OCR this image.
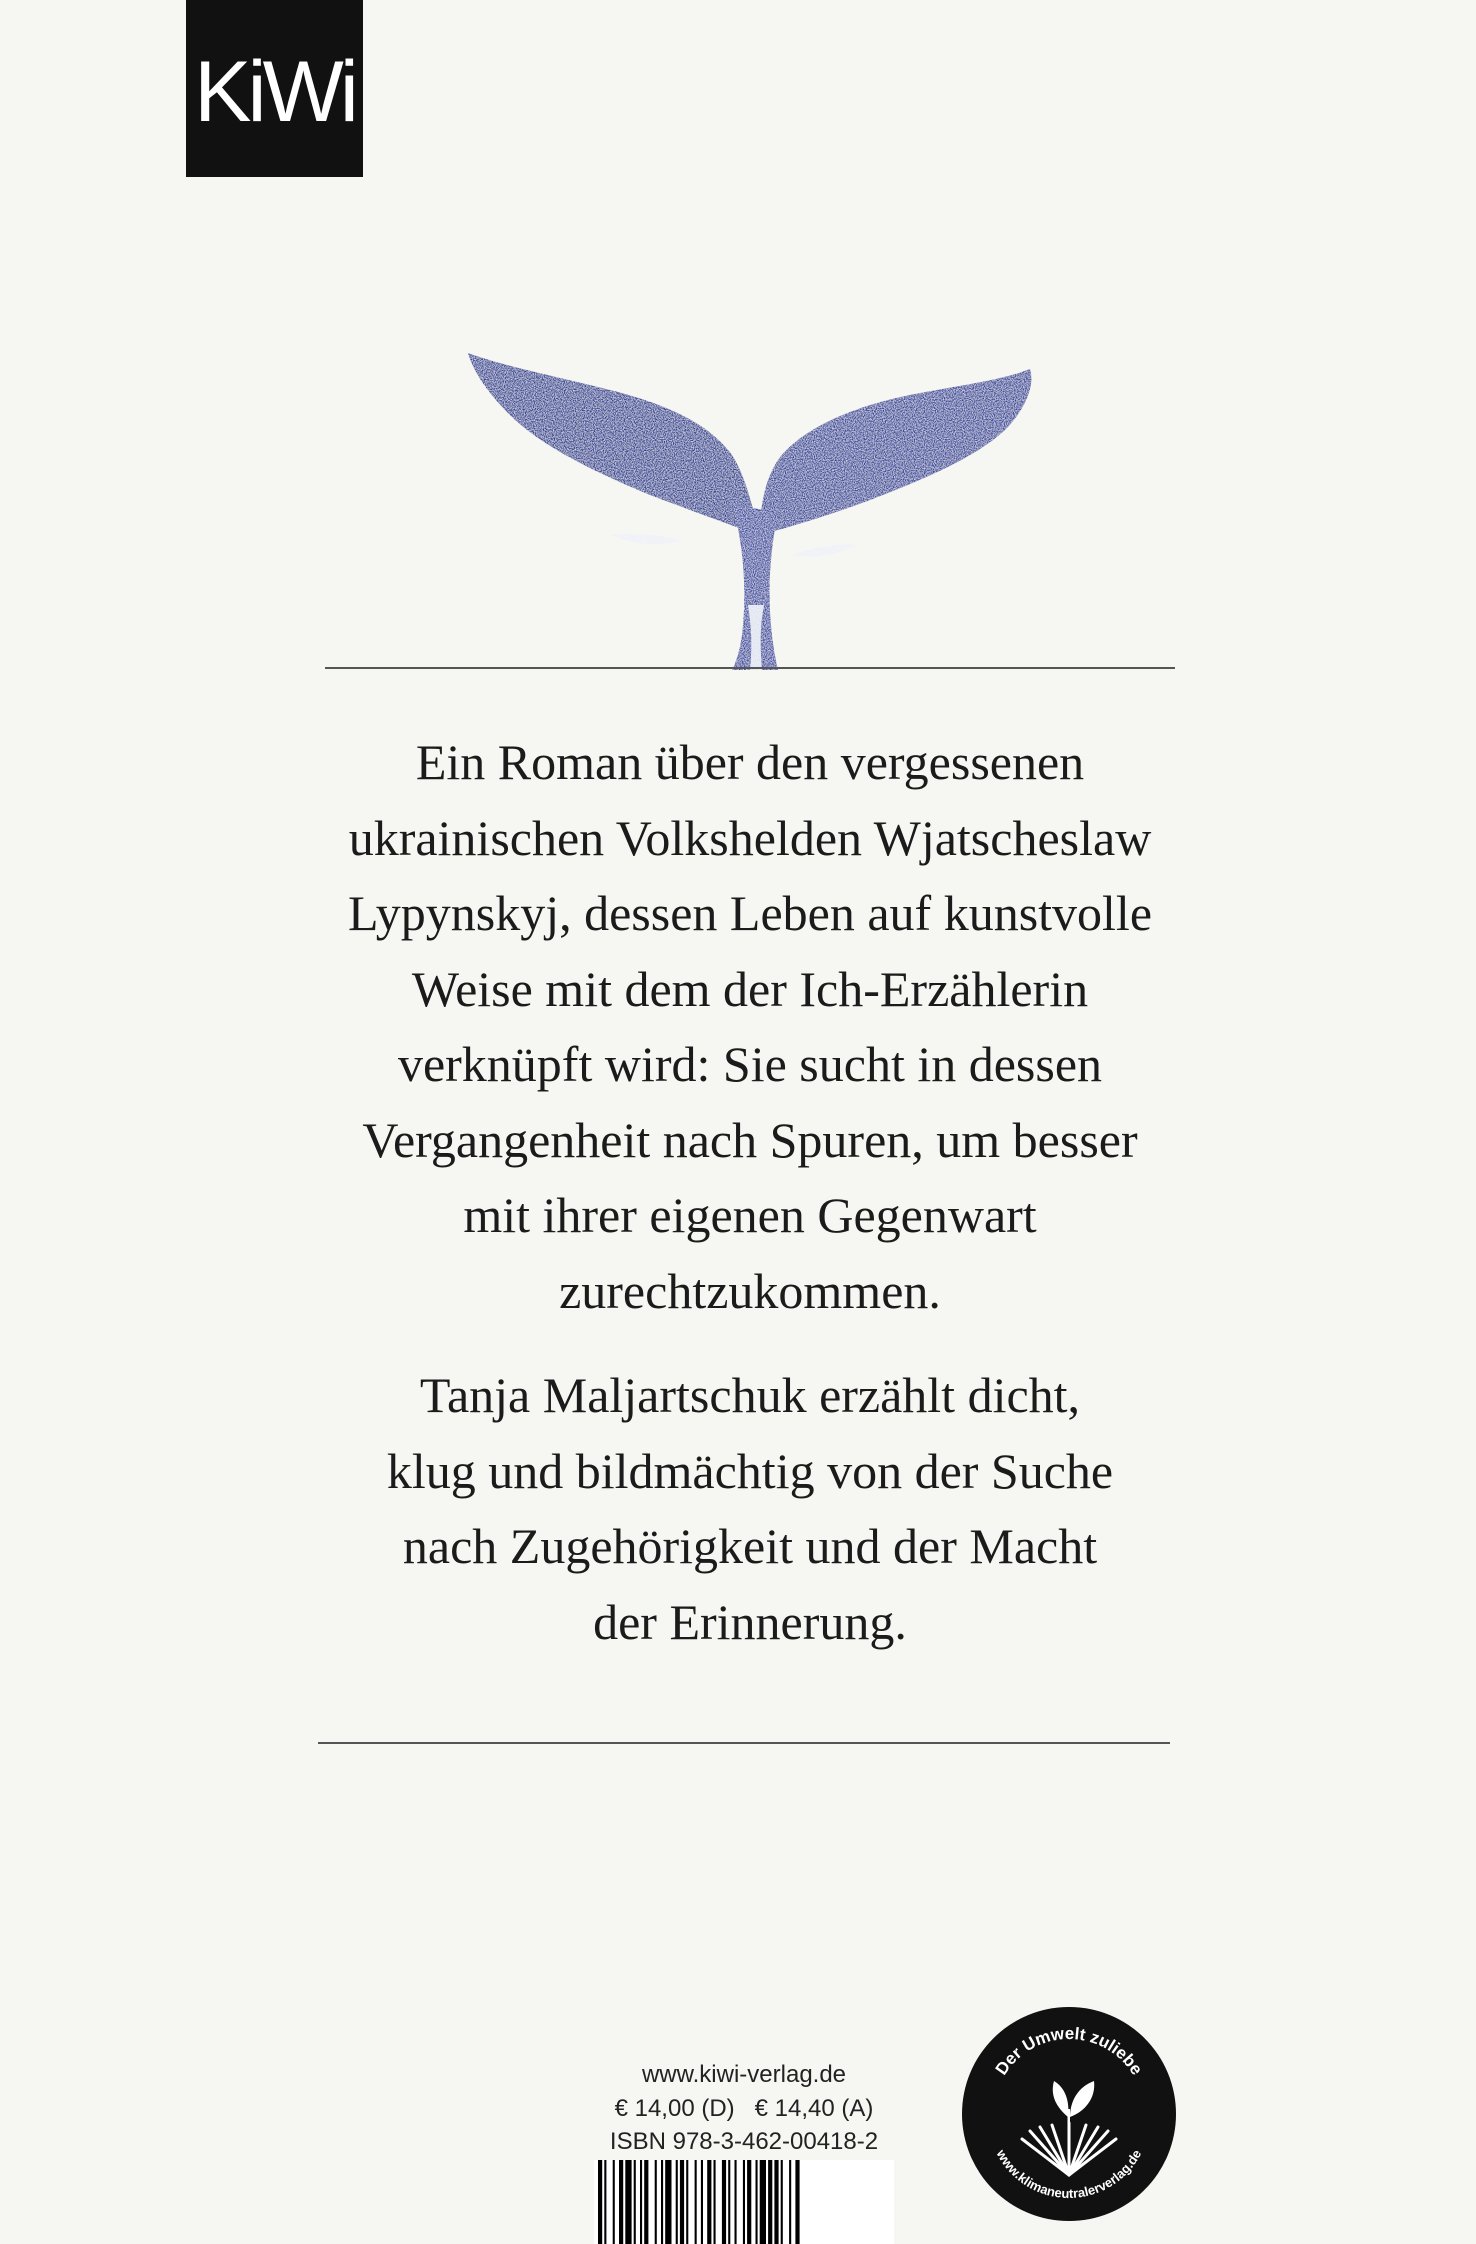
KiWi

Ein Roman über den vergessenen
ukrainischen Volkshelden Wjatscheslaw
Lypynskyj, dessen Leben auf kunstvolle
Weise mit dem der Ich-Erzählerin
verknüpft wird: Sie sucht in dessen
Vergangenheit nach Spuren, um besser
mit ihrer eigenen Gegenwart
zurechtzukommen.

Tanja Maljartschuk erzählt dicht,
klug und bildmächtig von der Suche
nach Zugehörigkeit und der Macht
der Erinnerung.

www.kiwi-verlag.de
€ 14,00 (D)   € 14,40 (A)
ISBN 978-3-462-00418-2
Der Umwelt zuliebe
www.klimaneutralerverlag.de
